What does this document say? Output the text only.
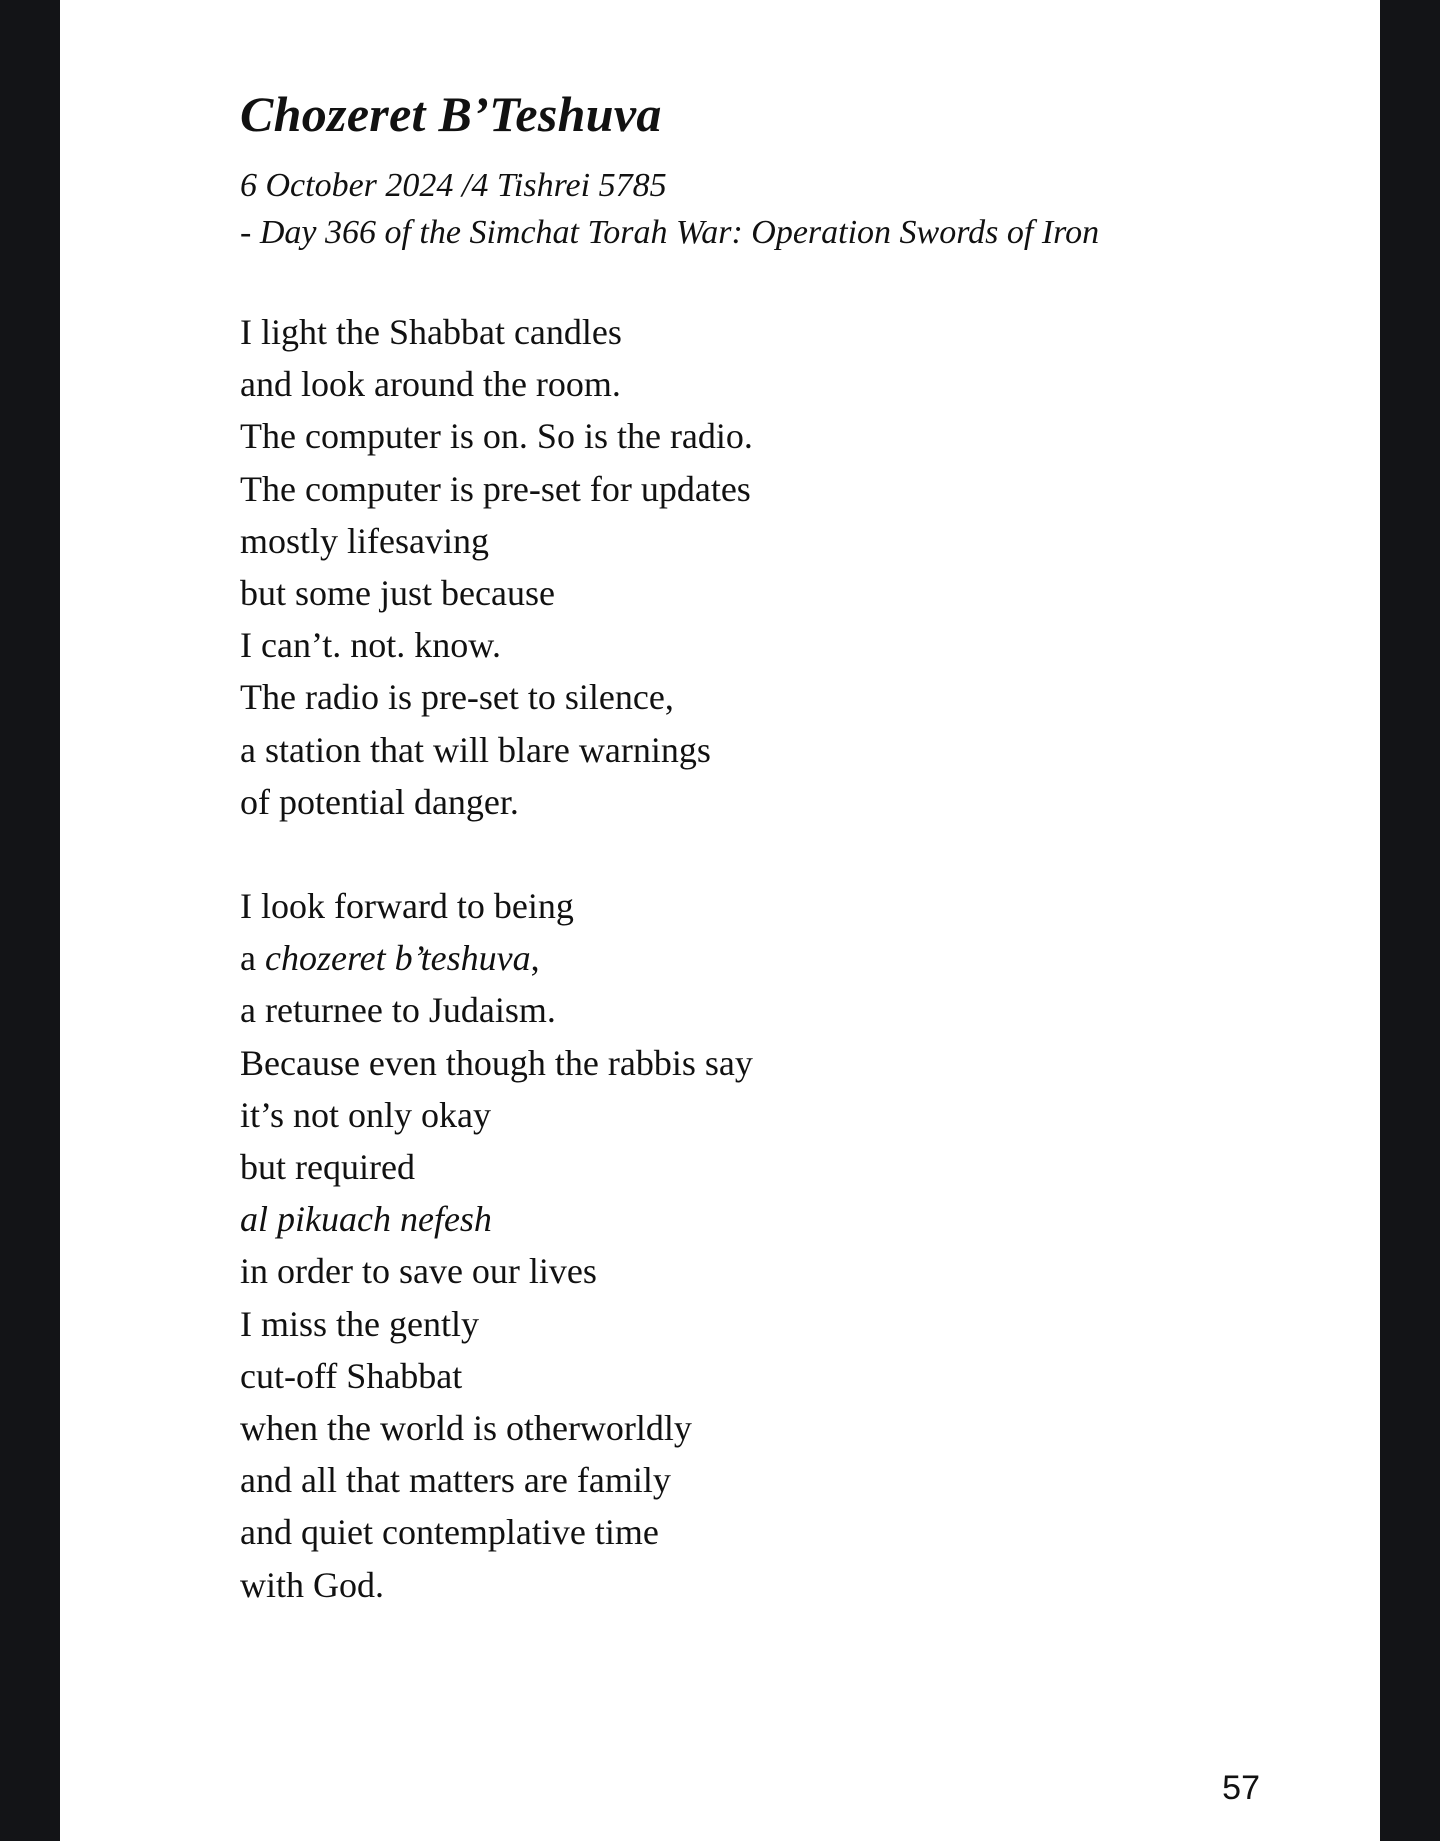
Chozeret B’Teshuva
6 October 2024 /4 Tishrei 5785
- Day 366 of the Simchat Torah War: Operation Swords of Iron
I light the Shabbat candles
and look around the room.
The computer is on. So is the radio.
The computer is pre-set for updates
mostly lifesaving
but some just because
I can’t. not. know.
The radio is pre-set to silence,
a station that will blare warnings
of potential danger.
I look forward to being
a chozeret b’teshuva,
a returnee to Judaism.
Because even though the rabbis say
it’s not only okay
but required
al pikuach nefesh
in order to save our lives
I miss the gently
cut-off Shabbat
when the world is otherworldly
and all that matters are family
and quiet contemplative time
with God.
57
